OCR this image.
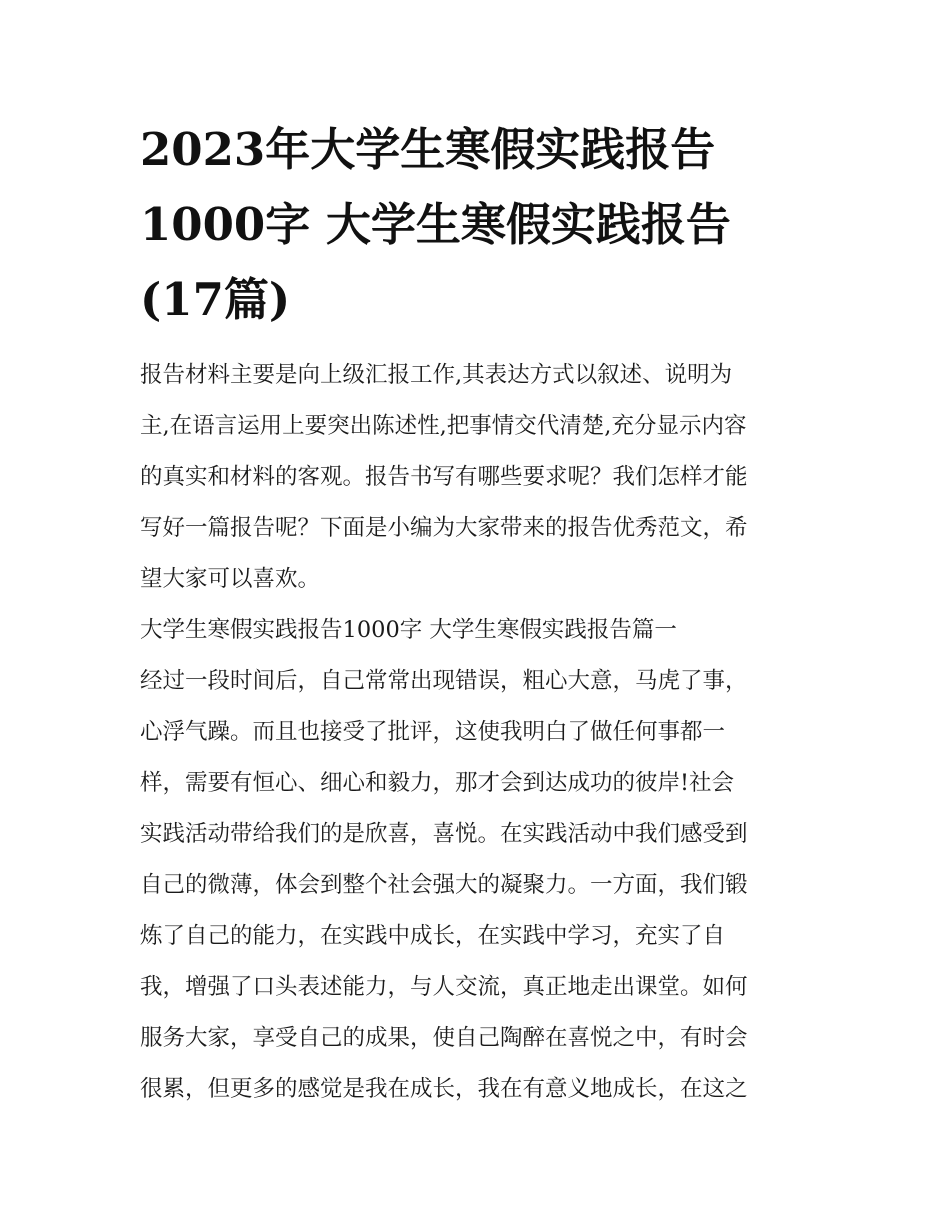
2023年大学生寒假实践报告
1000字 大学生寒假实践报告
(17篇)
报告材料主要是向上级汇报工作,其表达方式以叙述、说明为
主,在语言运用上要突出陈述性,把事情交代清楚,充分显示内容
的真实和材料的客观。报告书写有哪些要求呢？我们怎样才能
写好一篇报告呢？下面是小编为大家带来的报告优秀范文，希
望大家可以喜欢。
大学生寒假实践报告1000字 大学生寒假实践报告篇一
经过一段时间后，自己常常出现错误，粗心大意，马虎了事，
心浮气躁。而且也接受了批评，这使我明白了做任何事都一
样，需要有恒心、细心和毅力，那才会到达成功的彼岸!社会
实践活动带给我们的是欣喜，喜悦。在实践活动中我们感受到
自己的微薄，体会到整个社会强大的凝聚力。一方面，我们锻
炼了自己的能力，在实践中成长，在实践中学习，充实了自
我，增强了口头表述能力，与人交流，真正地走出课堂。如何
服务大家，享受自己的成果，使自己陶醉在喜悦之中，有时会
很累，但更多的感觉是我在成长，我在有意义地成长，在这之
